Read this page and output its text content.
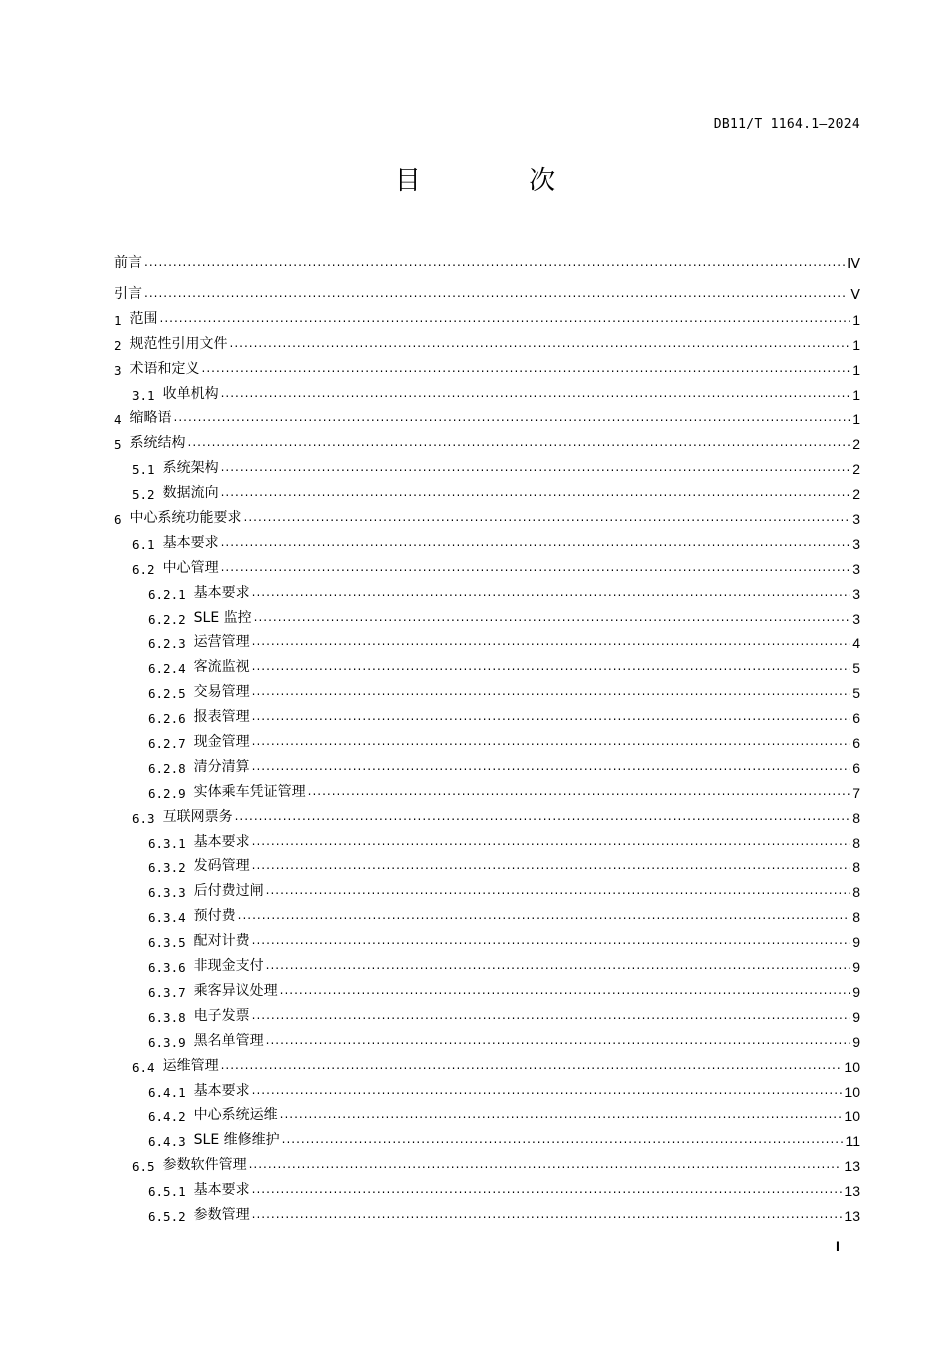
DB11/T 1164.1—2024
目 次
前言 .....	Ⅳ
引言 .....	Ⅴ
1 范围 .....	1
2 规范性引用文件 .....	1
3 术语和定义 .....	1
3.1 收单机构 .....	1
4 缩略语 .....	1
5 系统结构 .....	2
5.1 系统架构 .....	2
5.2 数据流向 .....	2
6 中心系统功能要求 .....	3
6.1 基本要求 .....	3
6.2 中心管理 .....	3
6.2.1 基本要求 .....	3
6.2.2 SLE 监控 .....	3
6.2.3 运营管理 .....	4
6.2.4 客流监视 .....	5
6.2.5 交易管理 .....	5
6.2.6 报表管理 .....	6
6.2.7 现金管理 .....	6
6.2.8 清分清算 .....	6
6.2.9 实体乘车凭证管理 .....	7
6.3 互联网票务 .....	8
6.3.1 基本要求 .....	8
6.3.2 发码管理 .....	8
6.3.3 后付费过闸 .....	8
6.3.4 预付费 .....	8
6.3.5 配对计费 .....	9
6.3.6 非现金支付 .....	9
6.3.7 乘客异议处理 .....	9
6.3.8 电子发票 .....	9
6.3.9 黑名单管理 .....	9
6.4 运维管理 .....	10
6.4.1 基本要求 .....	10
6.4.2 中心系统运维 .....	10
6.4.3 SLE 维修维护 .....	11
6.5 参数软件管理 .....	13
6.5.1 基本要求 .....	13
6.5.2 参数管理 .....	13
I
